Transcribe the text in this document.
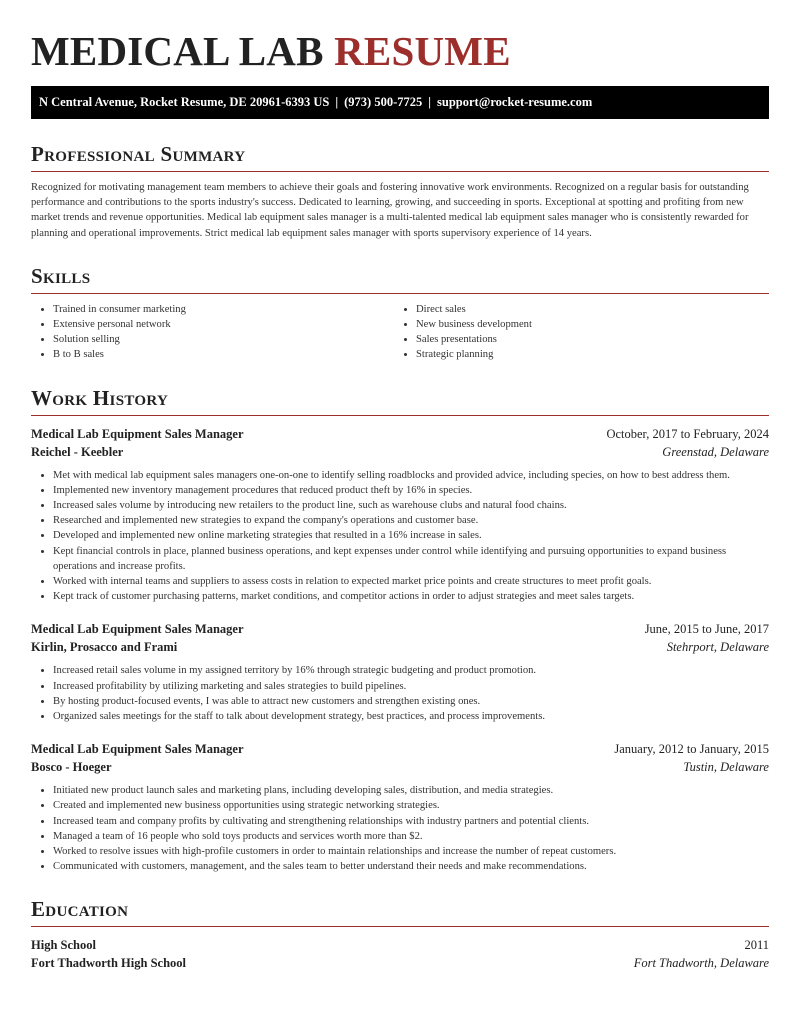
MEDICAL LAB RESUME
N Central Avenue, Rocket Resume, DE 20961-6393 US | (973) 500-7725 | support@rocket-resume.com
Professional Summary
Recognized for motivating management team members to achieve their goals and fostering innovative work environments. Recognized on a regular basis for outstanding performance and contributions to the sports industry's success. Dedicated to learning, growing, and succeeding in sports. Exceptional at spotting and profiting from new market trends and revenue opportunities. Medical lab equipment sales manager is a multi-talented medical lab equipment sales manager who is consistently rewarded for planning and operational improvements. Strict medical lab equipment sales manager with sports supervisory experience of 14 years.
Skills
• Trained in consumer marketing
• Extensive personal network
• Solution selling
• B to B sales
• Direct sales
• New business development
• Sales presentations
• Strategic planning
Work History
Medical Lab Equipment Sales Manager	October, 2017 to February, 2024
Reichel - Keebler	Greenstad, Delaware
• Met with medical lab equipment sales managers one-on-one to identify selling roadblocks and provided advice, including species, on how to best address them.
• Implemented new inventory management procedures that reduced product theft by 16% in species.
• Increased sales volume by introducing new retailers to the product line, such as warehouse clubs and natural food chains.
• Researched and implemented new strategies to expand the company's operations and customer base.
• Developed and implemented new online marketing strategies that resulted in a 16% increase in sales.
• Kept financial controls in place, planned business operations, and kept expenses under control while identifying and pursuing opportunities to expand business operations and increase profits.
• Worked with internal teams and suppliers to assess costs in relation to expected market price points and create structures to meet profit goals.
• Kept track of customer purchasing patterns, market conditions, and competitor actions in order to adjust strategies and meet sales targets.
Medical Lab Equipment Sales Manager	June, 2015 to June, 2017
Kirlin, Prosacco and Frami	Stehrport, Delaware
• Increased retail sales volume in my assigned territory by 16% through strategic budgeting and product promotion.
• Increased profitability by utilizing marketing and sales strategies to build pipelines.
• By hosting product-focused events, I was able to attract new customers and strengthen existing ones.
• Organized sales meetings for the staff to talk about development strategy, best practices, and process improvements.
Medical Lab Equipment Sales Manager	January, 2012 to January, 2015
Bosco - Hoeger	Tustin, Delaware
• Initiated new product launch sales and marketing plans, including developing sales, distribution, and media strategies.
• Created and implemented new business opportunities using strategic networking strategies.
• Increased team and company profits by cultivating and strengthening relationships with industry partners and potential clients.
• Managed a team of 16 people who sold toys products and services worth more than $2.
• Worked to resolve issues with high-profile customers in order to maintain relationships and increase the number of repeat customers.
• Communicated with customers, management, and the sales team to better understand their needs and make recommendations.
Education
High School	2011
Fort Thadworth High School	Fort Thadworth, Delaware
